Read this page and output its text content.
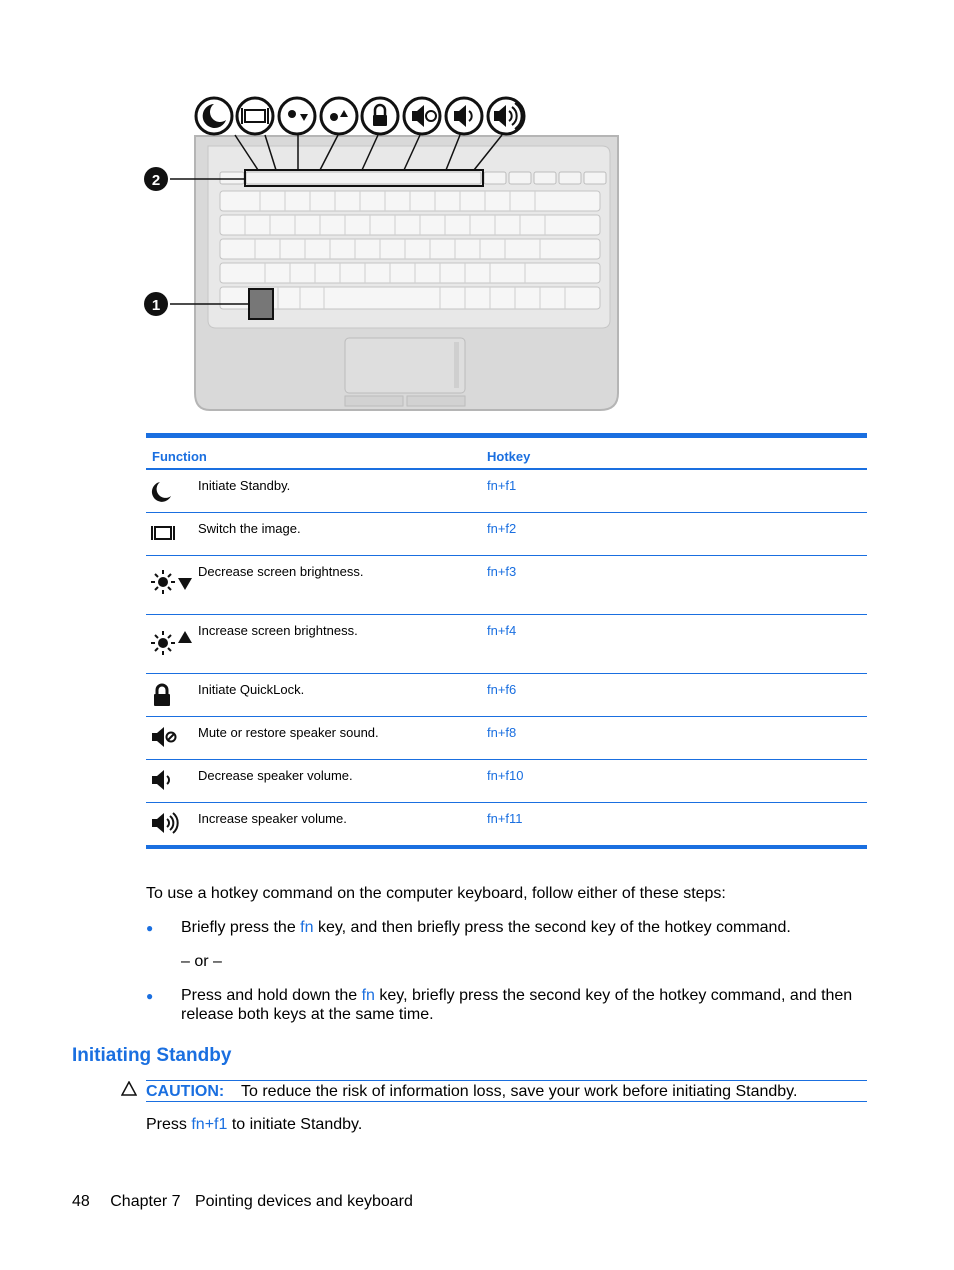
2
1
Function	Hotkey
Initiate Standby.	fn+f1
Switch the image.	fn+f2
Decrease screen brightness.	fn+f3
Increase screen brightness.	fn+f4
Initiate QuickLock.	fn+f6
Mute or restore speaker sound.	fn+f8
Decrease speaker volume.	fn+f10
Increase speaker volume.	fn+f11
To use a hotkey command on the computer keyboard, follow either of these steps:
● Briefly press the fn key, and then briefly press the second key of the hotkey command.
– or –
● Press and hold down the fn key, briefly press the second key of the hotkey command, and then
release both keys at the same time.
Initiating Standby
CAUTION: To reduce the risk of information loss, save your work before initiating Standby.
Press fn+f1 to initiate Standby.
48 Chapter 7 Pointing devices and keyboard
